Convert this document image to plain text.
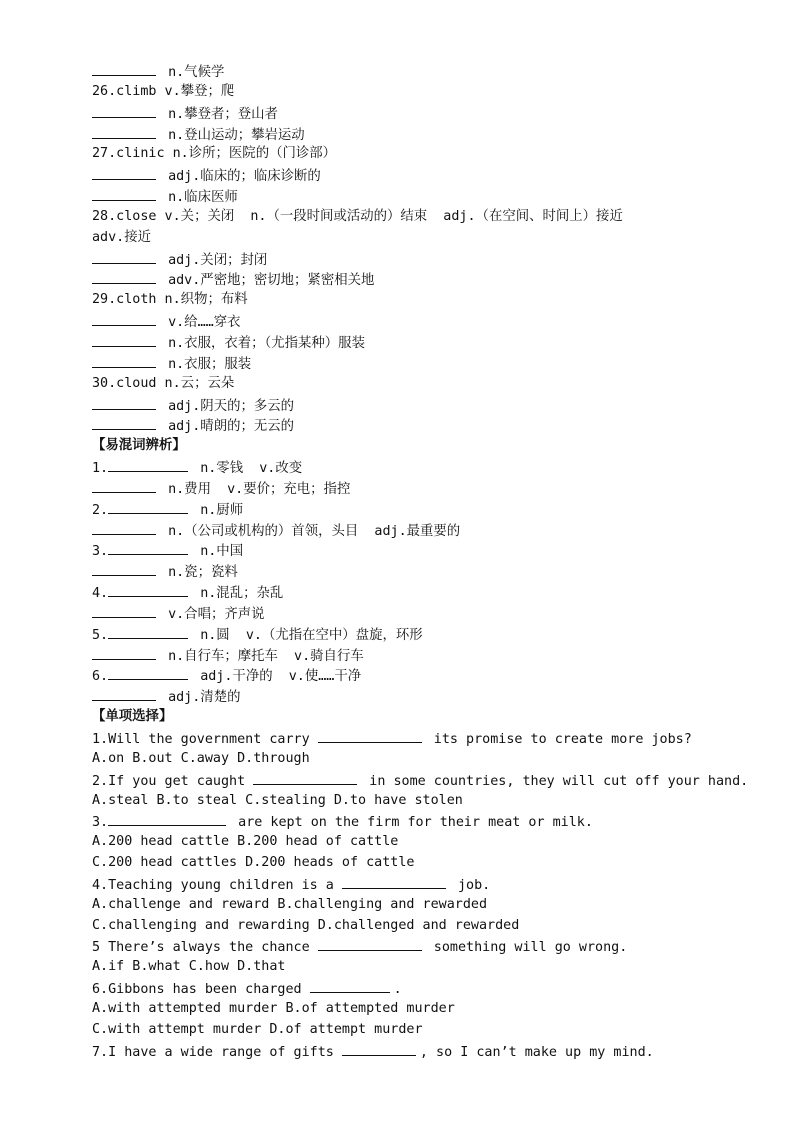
n.气候学
26.climb v.攀登；爬
n.攀登者；登山者
n.登山运动；攀岩运动
27.clinic n.诊所；医院的（门诊部）
adj.临床的；临床诊断的
n.临床医师
28.close v.关；关闭  n.（一段时间或活动的）结束  adj.（在空间、时间上）接近
adv.接近
adj.关闭；封闭
adv.严密地；密切地；紧密相关地
29.cloth n.织物；布料
v.给……穿衣
n.衣服，衣着；（尤指某种）服装
n.衣服；服装
30.cloud n.云；云朵
adj.阴天的；多云的
adj.晴朗的；无云的
【易混词辨析】
1.	n.零钱  v.改变
n.费用  v.要价；充电；指控
2.	n.厨师
n.（公司或机构的）首领，头目  adj.最重要的
3.	n.中国
n.瓷；瓷料
4.	n.混乱；杂乱
v.合唱；齐声说
5.	n.圆  v.（尤指在空中）盘旋，环形
n.自行车；摩托车  v.骑自行车
6.	adj.干净的  v.使……干净
adj.清楚的
【单项选择】
1.Will the government carry	its promise to create more jobs?
A.on B.out C.away D.through
2.If you get caught	in some countries, they will cut off your hand.
A.steal B.to steal C.stealing D.to have stolen
3.	are kept on the firm for their meat or milk.
A.200 head cattle B.200 head of cattle
C.200 head cattles D.200 heads of cattle
4.Teaching young children is a	job.
A.challenge and reward B.challenging and rewarded
C.challenging and rewarding D.challenged and rewarded
5 There’s always the chance	something will go wrong.
A.if B.what C.how D.that
6.Gibbons has been charged	.
A.with attempted murder B.of attempted murder
C.with attempt murder D.of attempt murder
7.I have a wide range of gifts	, so I can’t make up my mind.
